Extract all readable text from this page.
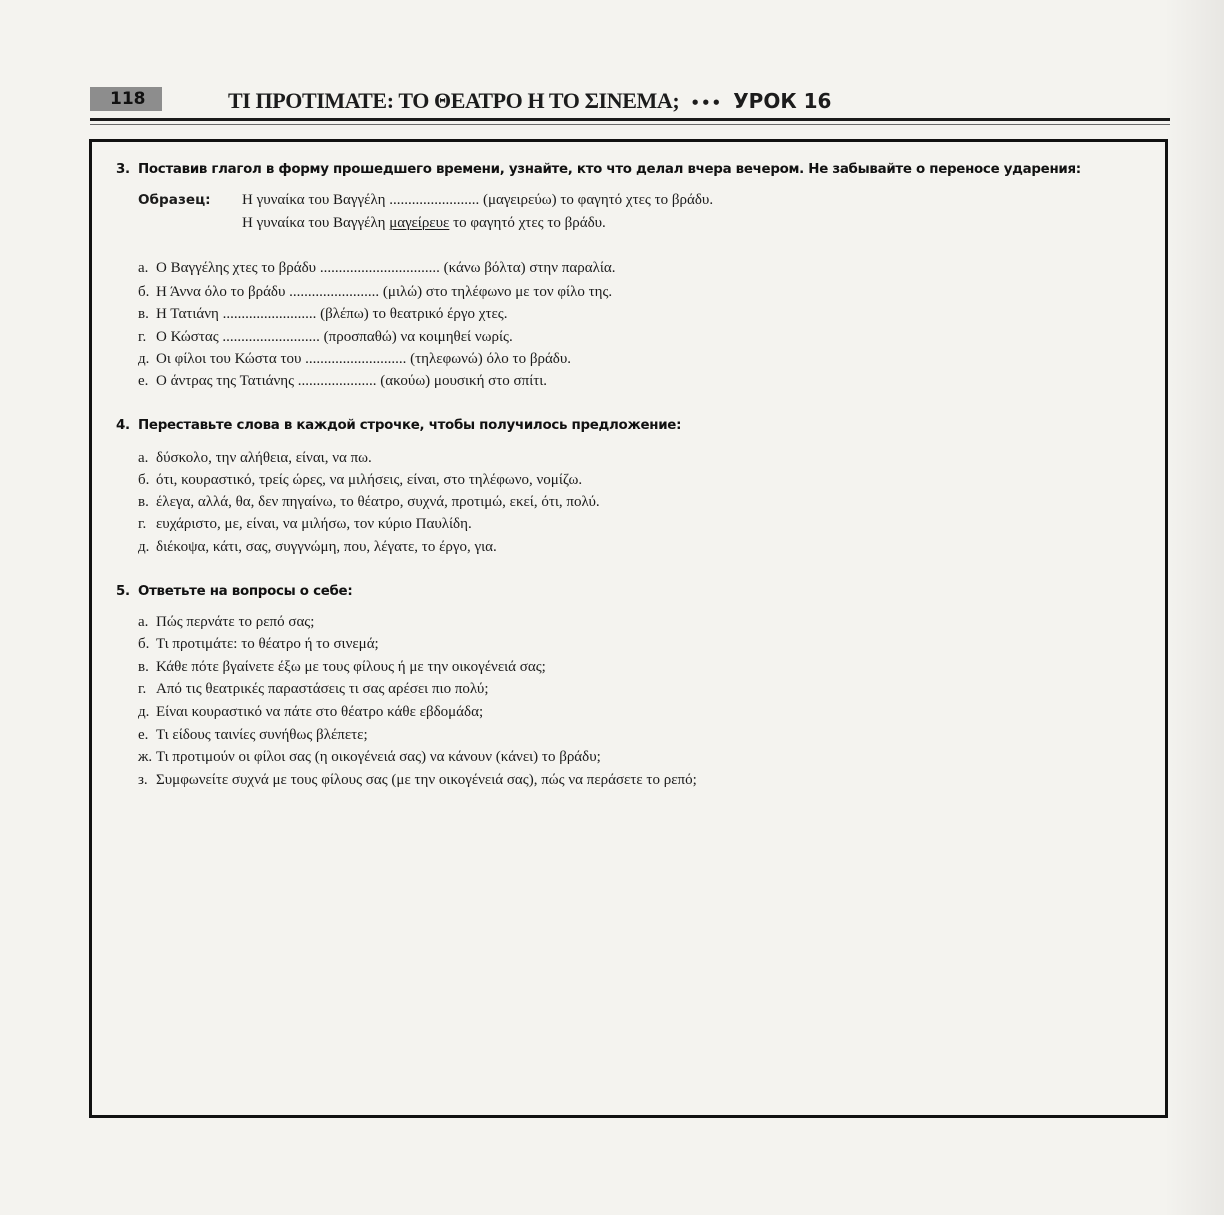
118	ΤΙ ΠΡΟΤΙΜΑΤΕ: ΤΟ ΘΕΑΤΡΟ Η ΤΟ ΣΙΝΕΜΑ; ••• УРОК 16
3. Поставив глагол в форму прошедшего времени, узнайте, кто что делал вчера вечером. Не забывайте о переносе ударения:
Образец: Η γυναίκα του Βαγγέλη ........................ (μαγειρεύω) το φαγητό χτες το βράδυ.
Η γυναίκα του Βαγγέλη μαγείρευε το φαγητό χτες το βράδυ.
а. Ο Βαγγέλης χτες το βράδυ ................................ (κάνω βόλτα) στην παραλία.
б. Η Άννα όλο το βράδυ ........................ (μιλώ) στο τηλέφωνο με τον φίλο της.
в. Η Τατιάνη ......................... (βλέπω) το θεατρικό έργο χτες.
г. Ο Κώστας .......................... (προσπαθώ) να κοιμηθεί νωρίς.
д. Οι φίλοι του Κώστα του ........................... (τηλεφωνώ) όλο το βράδυ.
е. Ο άντρας της Τατιάνης ..................... (ακούω) μουσική στο σπίτι.
4. Переставьте слова в каждой строчке, чтобы получилось предложение:
а. δύσκολο, την αλήθεια, είναι, να πω.
б. ότι, κουραστικό, τρείς ώρες, να μιλήσεις, είναι, στο τηλέφωνο, νομίζω.
в. έλεγα, αλλά, θα, δεν πηγαίνω, το θέατρο, συχνά, προτιμώ, εκεί, ότι, πολύ.
г. ευχάριστο, με, είναι, να μιλήσω, τον κύριο Παυλίδη.
д. διέκοψα, κάτι, σας, συγγνώμη, που, λέγατε, το έργο, για.
5. Ответьте на вопросы о себе:
а. Πώς περνάτε το ρεπό σας;
б. Τι προτιμάτε: το θέατρο ή το σινεμά;
в. Κάθε πότε βγαίνετε έξω με τους φίλους ή με την οικογένειά σας;
г. Από τις θεατρικές παραστάσεις τι σας αρέσει πιο πολύ;
д. Είναι κουραστικό να πάτε στο θέατρο κάθε εβδομάδα;
е. Τι είδους ταινίες συνήθως βλέπετε;
ж. Τι προτιμούν οι φίλοι σας (η οικογένειά σας) να κάνουν (κάνει) το βράδυ;
з. Συμφωνείτε συχνά με τους φίλους σας (με την οικογένειά σας), πώς να περάσετε το ρεπό;
